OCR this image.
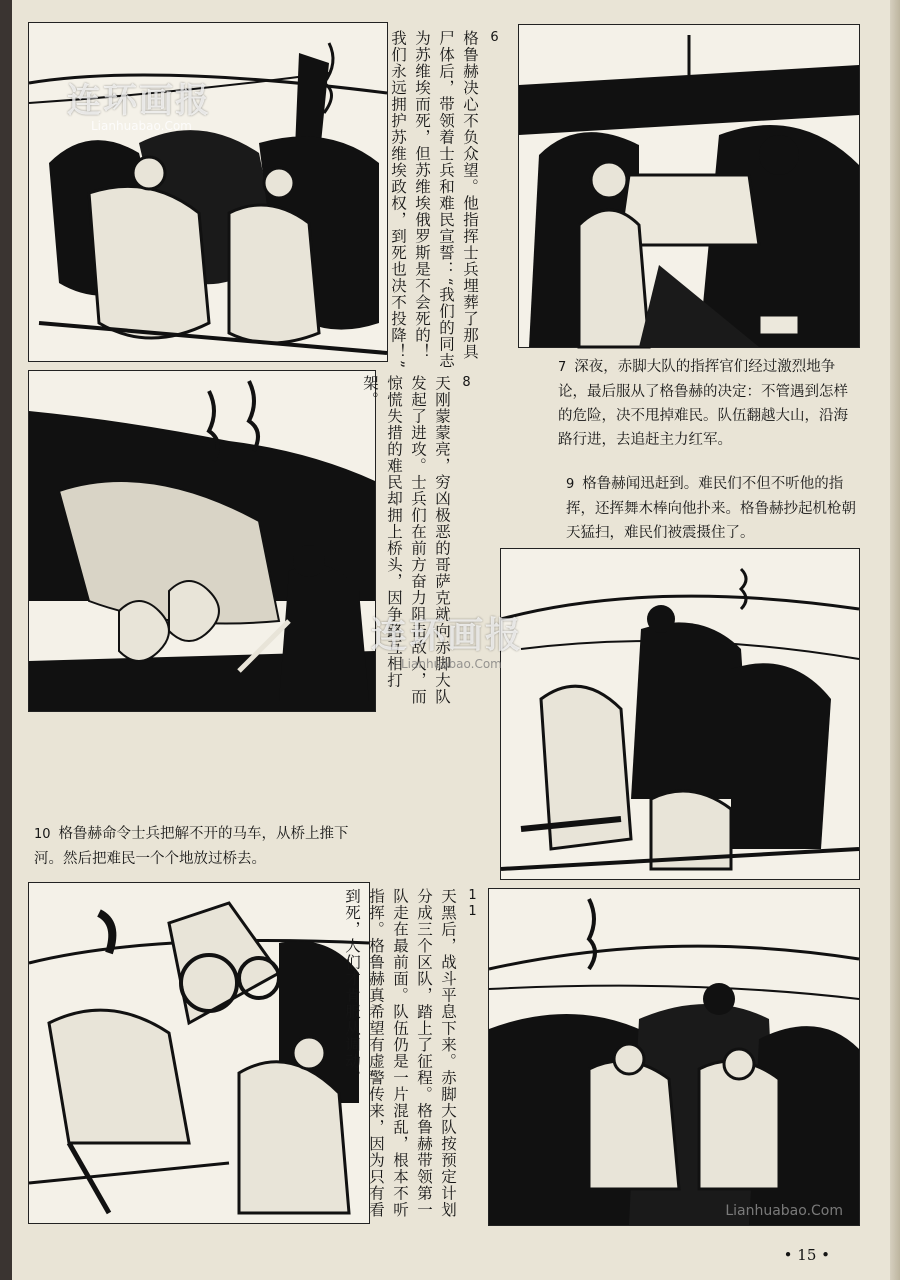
连环画报
Lianhuabao.Com
6
格鲁赫决心不负众望。他指挥士兵埋葬了那具尸体后，带领着士兵和难民宣誓：“我们的同志为苏维埃而死，但苏维埃俄罗斯是不会死的！我们永远拥护苏维埃政权，到死也决不投降！”	7 深夜，赤脚大队的指挥官们经过激烈地争论，最后服从了格鲁赫的决定：不管遇到怎样的危险，决不甩掉难民。队伍翻越大山，沿海路行进，去追赶主力红军。
8
天刚蒙蒙亮，穷凶极恶的哥萨克就向赤脚大队发起了进攻。士兵们在前方奋力阻击敌人，而惊慌失措的难民却拥上桥头，因争路互相打架。
9 格鲁赫闻迅赶到。难民们不但不听他的指挥，还挥舞木棒向他扑来。格鲁赫抄起机枪朝天猛扫，难民们被震摄住了。
连环画报
Lianhuabao.Com
10 格鲁赫命令士兵把解不开的马车，从桥上推下河。然后把难民一个个地放过桥去。
11
天黑后，战斗平息下来。赤脚大队按预定计划分成三个区队，踏上了征程。格鲁赫带领第一队走在最前面。队伍仍是一片混乱，根本不听指挥。格鲁赫真希望有虚警传来，因为只有看到死，人们才肯服从调动。
Lianhuabao.Com
• 15 •
